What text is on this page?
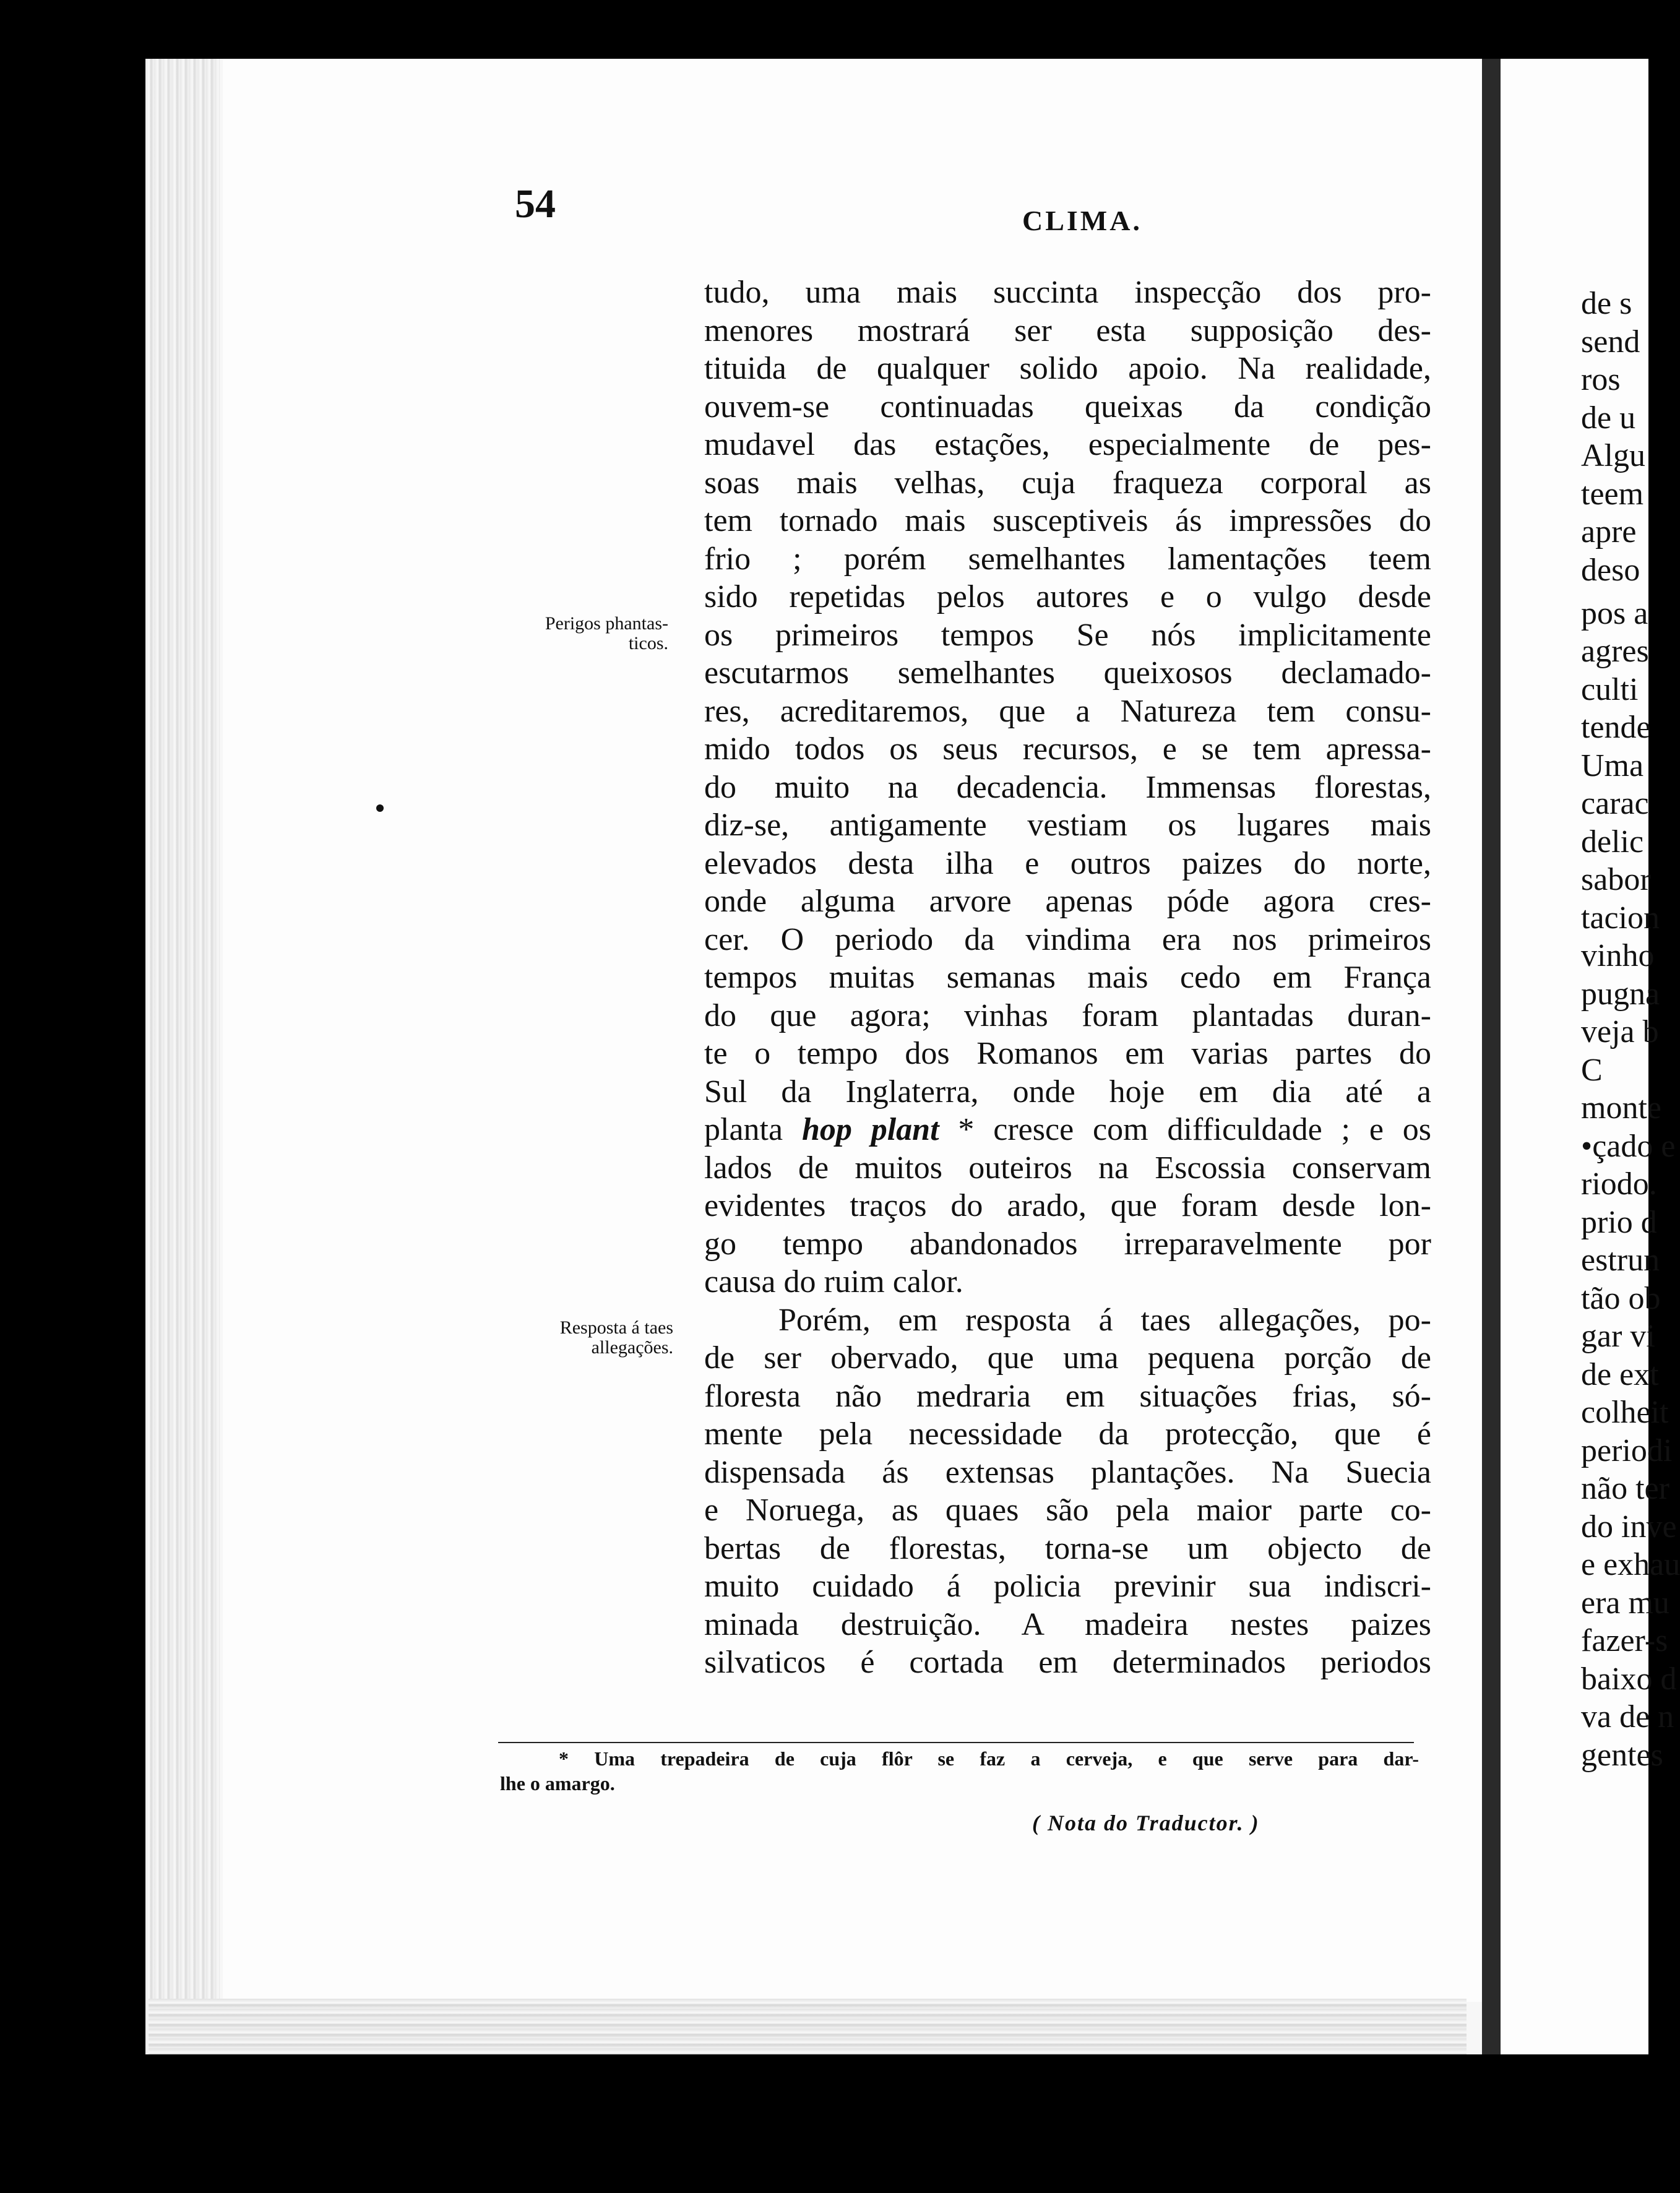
54	CLIMA.

Perigos phantas-
ticos.
Resposta á taes
allegações.
tudo, uma mais succinta inspecção dos pro-
menores mostrará ser esta supposição des-
tituida de qualquer solido apoio. Na realidade,
ouvem-se continuadas queixas da condição
mudavel das estações, especialmente de pes-
soas mais velhas, cuja fraqueza corporal as
tem tornado mais susceptiveis ás impressões do
frio ; porém semelhantes lamentações teem
sido repetidas pelos autores e o vulgo desde
os primeiros tempos Se nós implicitamente
escutarmos semelhantes queixosos declamado-
res, acreditaremos, que a Natureza tem consu-
mido todos os seus recursos, e se tem apressa-
do muito na decadencia. Immensas florestas,
diz-se, antigamente vestiam os lugares mais
elevados desta ilha e outros paizes do norte,
onde alguma arvore apenas póde agora cres-
cer. O periodo da vindima era nos primeiros
tempos muitas semanas mais cedo em França
do que agora; vinhas foram plantadas duran-
te o tempo dos Romanos em varias partes do
Sul da Inglaterra, onde hoje em dia até a
planta hop plant * cresce com difficuldade ; e os
lados de muitos outeiros na Escossia conservam
evidentes traços do arado, que foram desde lon-
go tempo abandonados irreparavelmente por
causa do ruim calor.
Porém, em resposta á taes allegações, po-
de ser obervado, que uma pequena porção de
floresta não medraria em situações frias, só-
mente pela necessidade da protecção, que é
dispensada ás extensas plantações. Na Suecia
e Noruega, as quaes são pela maior parte co-
bertas de florestas, torna-se um objecto de
muito cuidado á policia previnir sua indiscri-
minada destruição. A madeira nestes paizes
silvaticos é cortada em determinados periodos
* Uma trepadeira de cuja flôr se faz a cerveja, e que serve para dar-
lhe o amargo.

( Nota do Traductor. )

de s
send
ros
de u
Algu
teem
apre
deso
pos a
agres
culti
tende
Uma
carac
delic
sabor
tacion
vinho
pugna
veja b
C
monte
•çado e
riodo.
prio d
estrun
tão ob
gar vi
de ext
colheit
periodi
não ter
do inve
e exhau
era mu
fazer-s
baixo d
va de n
gentes
